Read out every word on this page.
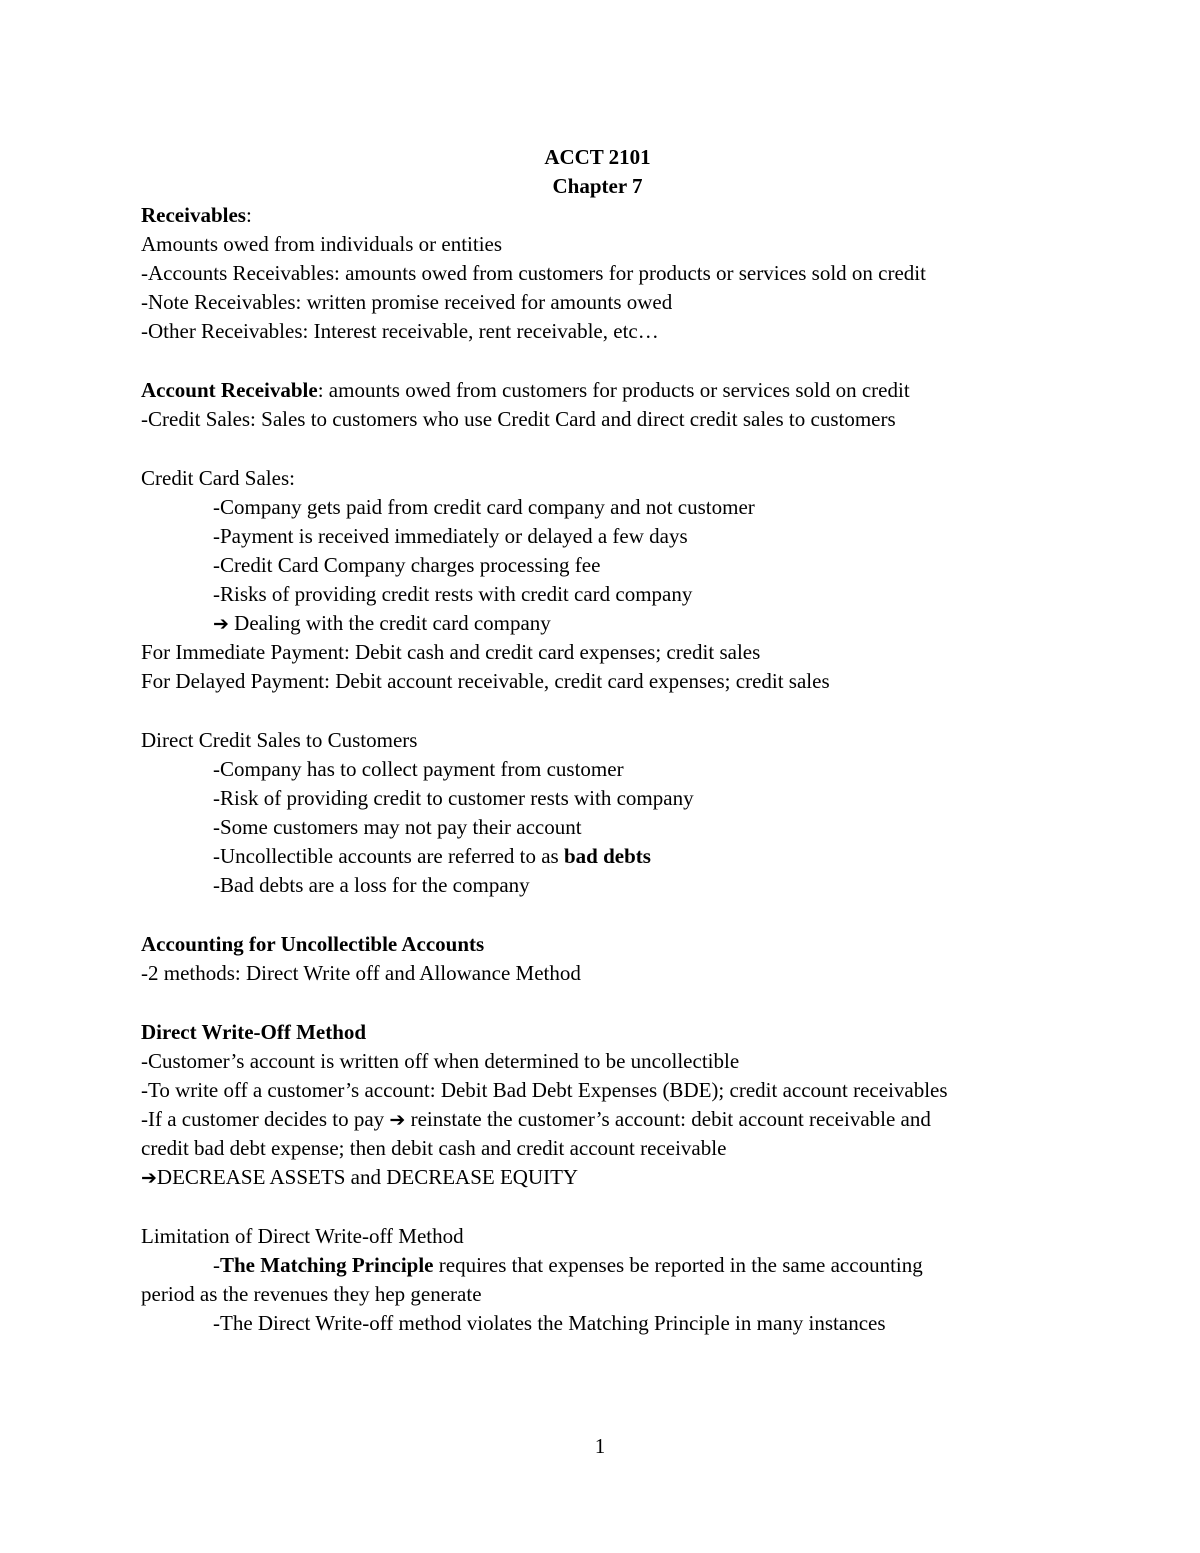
ACCT 2101
Chapter 7
Receivables:
Amounts owed from individuals or entities
-Accounts Receivables: amounts owed from customers for products or services sold on credit
-Note Receivables: written promise received for amounts owed
-Other Receivables: Interest receivable, rent receivable, etc…
Account Receivable: amounts owed from customers for products or services sold on credit
-Credit Sales: Sales to customers who use Credit Card and direct credit sales to customers
Credit Card Sales:
-Company gets paid from credit card company and not customer
-Payment is received immediately or delayed a few days
-Credit Card Company charges processing fee
-Risks of providing credit rests with credit card company
➔ Dealing with the credit card company
For Immediate Payment: Debit cash and credit card expenses; credit sales
For Delayed Payment: Debit account receivable, credit card expenses; credit sales
Direct Credit Sales to Customers
-Company has to collect payment from customer
-Risk of providing credit to customer rests with company
-Some customers may not pay their account
-Uncollectible accounts are referred to as bad debts
-Bad debts are a loss for the company
Accounting for Uncollectible Accounts
-2 methods: Direct Write off and Allowance Method
Direct Write-Off Method
-Customer’s account is written off when determined to be uncollectible
-To write off a customer’s account: Debit Bad Debt Expenses (BDE); credit account receivables
-If a customer decides to pay ➔ reinstate the customer’s account: debit account receivable and
credit bad debt expense; then debit cash and credit account receivable
➔DECREASE ASSETS and DECREASE EQUITY
Limitation of Direct Write-off Method
-The Matching Principle requires that expenses be reported in the same accounting
period as the revenues they hep generate
-The Direct Write-off method violates the Matching Principle in many instances
1
